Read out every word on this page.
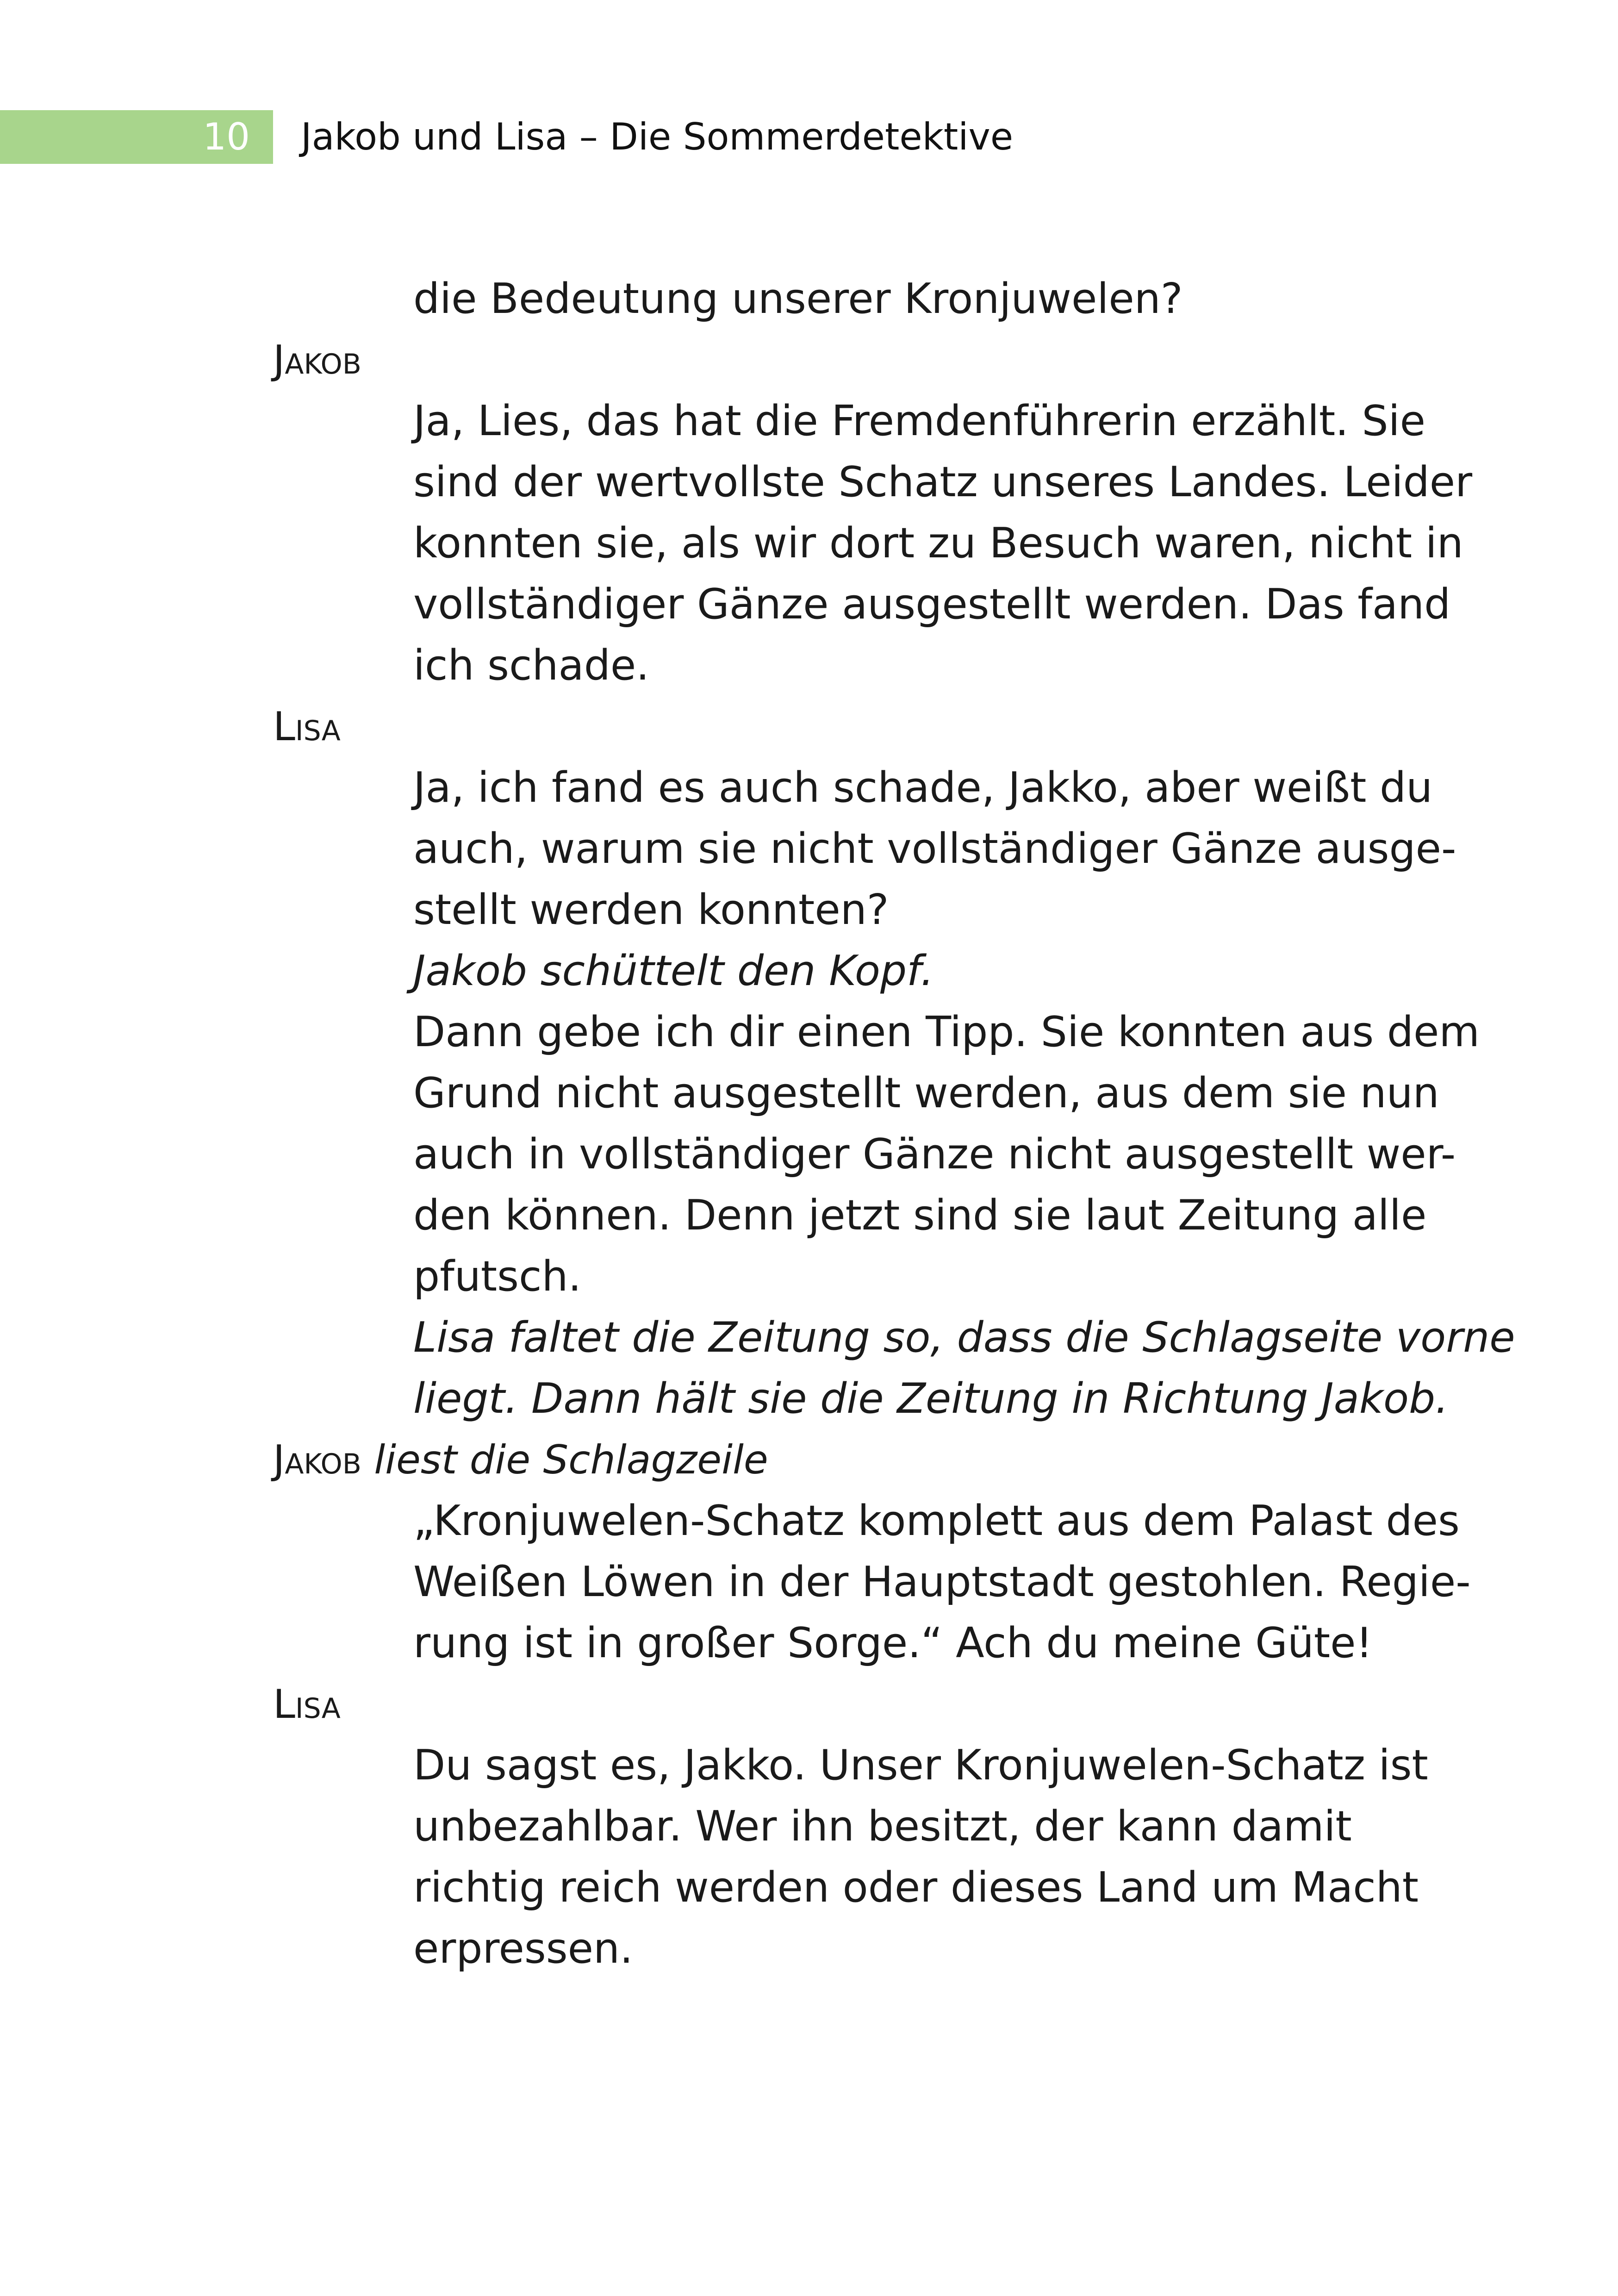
10 Jakob und Lisa – Die Sommerdetektive
die Bedeutung unserer Kronjuwelen?
Jakob
Ja, Lies, das hat die Fremdenführerin erzählt. Sie
sind der wertvollste Schatz unseres Landes. Leider
konnten sie, als wir dort zu Besuch waren, nicht in
vollständiger Gänze ausgestellt werden. Das fand
ich schade.
Lisa
Ja, ich fand es auch schade, Jakko, aber weißt du
auch, warum sie nicht vollständiger Gänze ausge-
stellt werden konnten?
Jakob schüttelt den Kopf.
Dann gebe ich dir einen Tipp. Sie konnten aus dem
Grund nicht ausgestellt werden, aus dem sie nun
auch in vollständiger Gänze nicht ausgestellt wer-
den können. Denn jetzt sind sie laut Zeitung alle
pfutsch.
Lisa faltet die Zeitung so, dass die Schlagseite vorne
liegt. Dann hält sie die Zeitung in Richtung Jakob.
Jakob liest die Schlagzeile
„Kronjuwelen-Schatz komplett aus dem Palast des
Weißen Löwen in der Hauptstadt gestohlen. Regie-
rung ist in großer Sorge.“ Ach du meine Güte!
Lisa
Du sagst es, Jakko. Unser Kronjuwelen-Schatz ist
unbezahlbar. Wer ihn besitzt, der kann damit
richtig reich werden oder dieses Land um Macht
erpressen.
